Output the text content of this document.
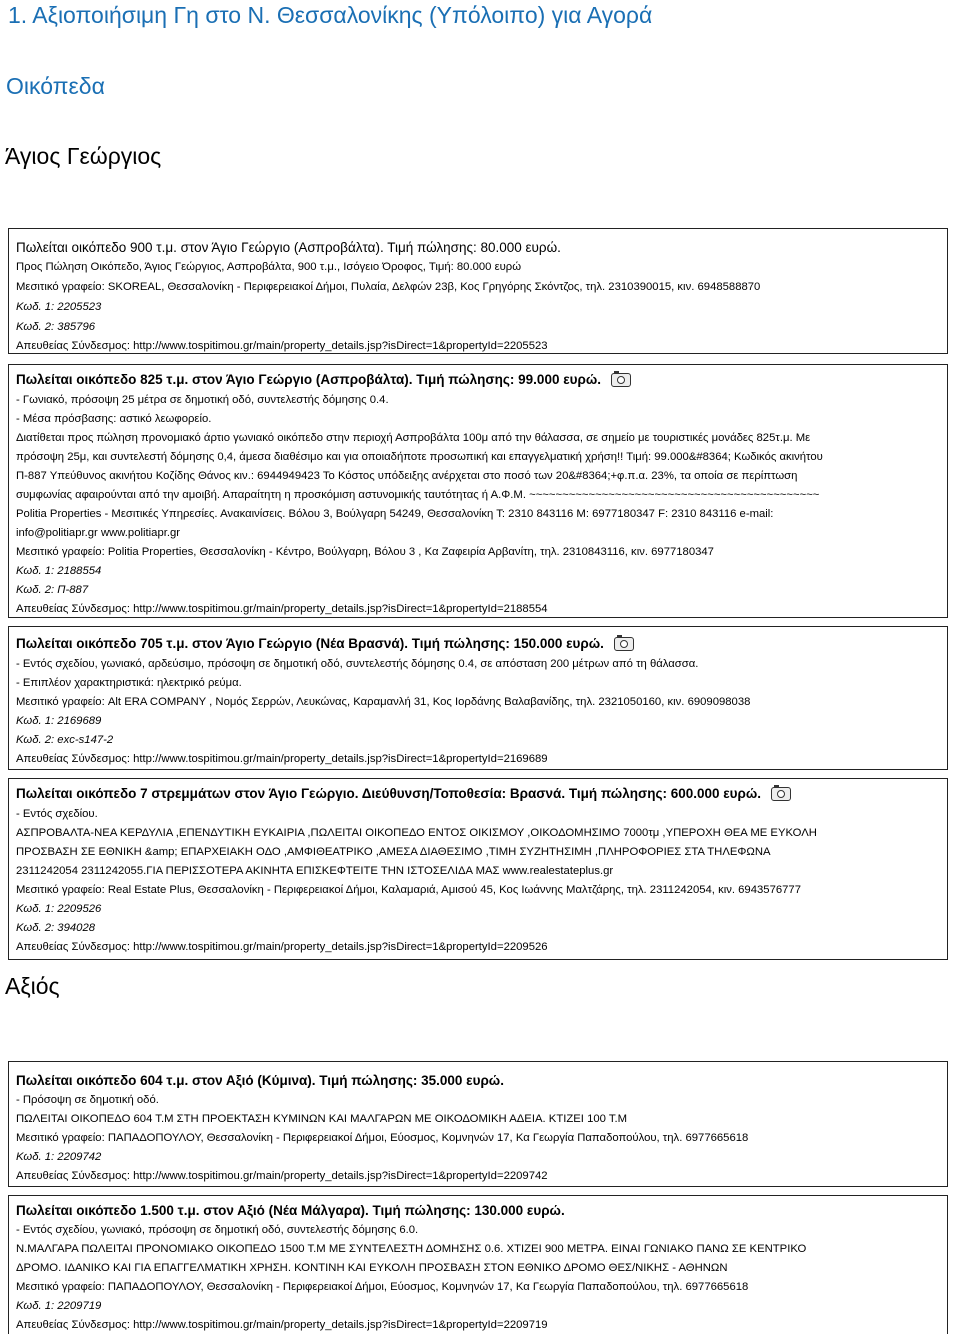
1. Αξιοποιήσιμη Γη στο Ν. Θεσσαλονίκης (Υπόλοιπο) για Αγορά
Οικόπεδα
Άγιος Γεώργιος
Πωλείται οικόπεδο 900 τ.μ. στον Άγιο Γεώργιο (Ασπροβάλτα). Τιμή πώλησης: 80.000 ευρώ.
Προς Πώληση Οικόπεδο, Άγιος Γεώργιος, Ασπροβάλτα, 900 τ.μ., Ισόγειο Όροφος, Τιμή: 80.000 ευρώ
Μεσιτικό γραφείο: SKOREAL, Θεσσαλονίκη - Περιφερειακοί Δήμοι, Πυλαία, Δελφών 23β, Κος Γρηγόρης Σκόντζος, τηλ. 2310390015, κιν. 6948588870
Κωδ. 1: 2205523
Κωδ. 2: 385796
Απευθείας Σύνδεσμος: http://www.tospitimou.gr/main/property_details.jsp?isDirect=1&propertyId=2205523
Πωλείται οικόπεδο 825 τ.μ. στον Άγιο Γεώργιο (Ασπροβάλτα). Τιμή πώλησης: 99.000 ευρώ.
- Γωνιακό, πρόσοψη 25 μέτρα σε δημοτική οδό, συντελεστής δόμησης 0.4.
- Μέσα πρόσβασης: αστικό λεωφορείο.
Διατίθεται προς πώληση προνομιακό άρτιο γωνιακό οικόπεδο στην περιοχή Ασπροβάλτα 100μ από την θάλασσα, σε σημείο με τουριστικές μονάδες 825τ.μ. Με
πρόσοψη 25μ, και συντελεστή δόμησης 0,4, άμεσα διαθέσιμο και για οποιαδήποτε προσωπική και επαγγελματική χρήση!! Τιμή: 99.000&#8364; Κωδικός ακινήτου
Π-887 Υπεύθυνος ακινήτου Κοζίδης Θάνος κιν.: 6944949423 Το Κόστος υπόδειξης ανέρχεται στο ποσό των 20&#8364;+φ.π.α. 23%, τα οποία σε περίπτωση
συμφωνίας αφαιρούνται από την αμοιβή. Απαραίτητη η προσκόμιση αστυνομικής ταυτότητας ή Α.Φ.Μ. ~~~~~~~~~~~~~~~~~~~~~~~~~~~~~~~~~~~~~~~~~~~~
Politia Properties - Μεσιτικές Υπηρεσίες. Ανακαινίσεις. Βόλου 3, Βούλγαρη 54249, Θεσσαλονίκη Τ: 2310 843116 M: 6977180347 F: 2310 843116 e-mail:
info@politiapr.gr www.politiapr.gr
Μεσιτικό γραφείο: Politia Properties, Θεσσαλονίκη - Κέντρο, Βούλγαρη, Βόλου 3 , Κα Ζαφειρία Αρβανίτη, τηλ. 2310843116, κιν. 6977180347
Κωδ. 1: 2188554
Κωδ. 2: Π-887
Απευθείας Σύνδεσμος: http://www.tospitimou.gr/main/property_details.jsp?isDirect=1&propertyId=2188554
Πωλείται οικόπεδο 705 τ.μ. στον Άγιο Γεώργιο (Νέα Βρασνά). Τιμή πώλησης: 150.000 ευρώ.
- Εντός σχεδίου, γωνιακό, αρδεύσιμο, πρόσοψη σε δημοτική οδό, συντελεστής δόμησης 0.4, σε απόσταση 200 μέτρων από τη θάλασσα.
- Επιπλέον χαρακτηριστικά: ηλεκτρικό ρεύμα.
Μεσιτικό γραφείο: Alt ERA COMPANY , Νομός Σερρών, Λευκώνας, Καραμανλή 31, Κος Ιορδάνης Βαλαβανίδης, τηλ. 2321050160, κιν. 6909098038
Κωδ. 1: 2169689
Κωδ. 2: exc-s147-2
Απευθείας Σύνδεσμος: http://www.tospitimou.gr/main/property_details.jsp?isDirect=1&propertyId=2169689
Πωλείται οικόπεδο 7 στρεμμάτων στον Άγιο Γεώργιο. Διεύθυνση/Τοποθεσία: Βρασνά. Τιμή πώλησης: 600.000 ευρώ.
- Εντός σχεδίου.
ΑΣΠΡΟΒΑΛΤΑ-ΝΕΑ ΚΕΡΔΥΛΙΑ ,ΕΠΕΝΔΥΤΙΚΗ ΕΥΚΑΙΡΙΑ ,ΠΩΛΕΙΤΑΙ ΟΙΚΟΠΕΔΟ ΕΝΤΟΣ ΟΙΚΙΣΜΟΥ ,ΟΙΚΟΔΟΜΗΣΙΜΟ 7000τμ ,ΥΠΕΡΟΧΗ ΘΕΑ ΜΕ ΕΥΚΟΛΗ
ΠΡΟΣΒΑΣΗ ΣΕ ΕΘΝΙΚΗ &amp; ΕΠΑΡΧΕΙΑΚΗ ΟΔΟ ,ΑΜΦΙΘΕΑΤΡΙΚΟ ,ΑΜΕΣΑ ΔΙΑΘΕΣΙΜΟ ,ΤΙΜΗ ΣΥΖΗΤΗΣΙΜΗ ,ΠΛΗΡΟΦΟΡΙΕΣ ΣΤΑ ΤΗΛΕΦΩΝΑ
2311242054 2311242055.ΓΙΑ ΠΕΡΙΣΣΟΤΕΡΑ ΑΚΙΝΗΤΑ ΕΠΙΣΚΕΦΤΕΙΤΕ ΤΗΝ ΙΣΤΟΣΕΛΙΔΑ ΜΑΣ www.realestateplus.gr
Μεσιτικό γραφείο: Real Estate Plus, Θεσσαλονίκη - Περιφερειακοί Δήμοι, Καλαμαριά, Αμισού 45, Κος Ιωάννης Μαλτζάρης, τηλ. 2311242054, κιν. 6943576777
Κωδ. 1: 2209526
Κωδ. 2: 394028
Απευθείας Σύνδεσμος: http://www.tospitimou.gr/main/property_details.jsp?isDirect=1&propertyId=2209526
Αξιός
Πωλείται οικόπεδο 604 τ.μ. στον Αξιό (Κύμινα). Τιμή πώλησης: 35.000 ευρώ.
- Πρόσοψη σε δημοτική οδό.
ΠΩΛΕΙΤΑΙ ΟΙΚΟΠΕΔΟ 604 Τ.Μ ΣΤΗ ΠΡΟΕΚΤΑΣΗ ΚΥΜΙΝΩΝ ΚΑΙ ΜΑΛΓΑΡΩΝ ΜΕ ΟΙΚΟΔΟΜΙΚΗ ΑΔΕΙΑ. ΚΤΙΖΕΙ 100 Τ.Μ
Μεσιτικό γραφείο: ΠΑΠΑΔΟΠΟΥΛΟΥ, Θεσσαλονίκη - Περιφερειακοί Δήμοι, Εύοσμος, Κομνηνών 17, Κα Γεωργία Παπαδοπούλου, τηλ. 6977665618
Κωδ. 1: 2209742
Απευθείας Σύνδεσμος: http://www.tospitimou.gr/main/property_details.jsp?isDirect=1&propertyId=2209742
Πωλείται οικόπεδο 1.500 τ.μ. στον Αξιό (Νέα Μάλγαρα). Τιμή πώλησης: 130.000 ευρώ.
- Εντός σχεδίου, γωνιακό, πρόσοψη σε δημοτική οδό, συντελεστής δόμησης 6.0.
Ν.ΜΑΛΓΑΡΑ ΠΩΛΕΙΤΑΙ ΠΡΟΝΟΜΙΑΚΟ ΟΙΚΟΠΕΔΟ 1500 Τ.Μ ΜΕ ΣΥΝΤΕΛΕΣΤΗ ΔΟΜΗΣΗΣ 0.6. ΧΤΙΖΕΙ 900 ΜΕΤΡΑ. ΕΙΝΑΙ ΓΩΝΙΑΚΟ ΠΑΝΩ ΣΕ ΚΕΝΤΡΙΚΟ
ΔΡΟΜΟ. ΙΔΑΝΙΚΟ ΚΑΙ ΓΙΑ ΕΠΑΓΓΕΛΜΑΤΙΚΗ ΧΡΗΣΗ. ΚΟΝΤΙΝΗ ΚΑΙ ΕΥΚΟΛΗ ΠΡΟΣΒΑΣΗ ΣΤΟΝ ΕΘΝΙΚΟ ΔΡΟΜΟ ΘΕΣ/ΝΙΚΗΣ - ΑΘΗΝΩΝ
Μεσιτικό γραφείο: ΠΑΠΑΔΟΠΟΥΛΟΥ, Θεσσαλονίκη - Περιφερειακοί Δήμοι, Εύοσμος, Κομνηνών 17, Κα Γεωργία Παπαδοπούλου, τηλ. 6977665618
Κωδ. 1: 2209719
Απευθείας Σύνδεσμος: http://www.tospitimou.gr/main/property_details.jsp?isDirect=1&propertyId=2209719
